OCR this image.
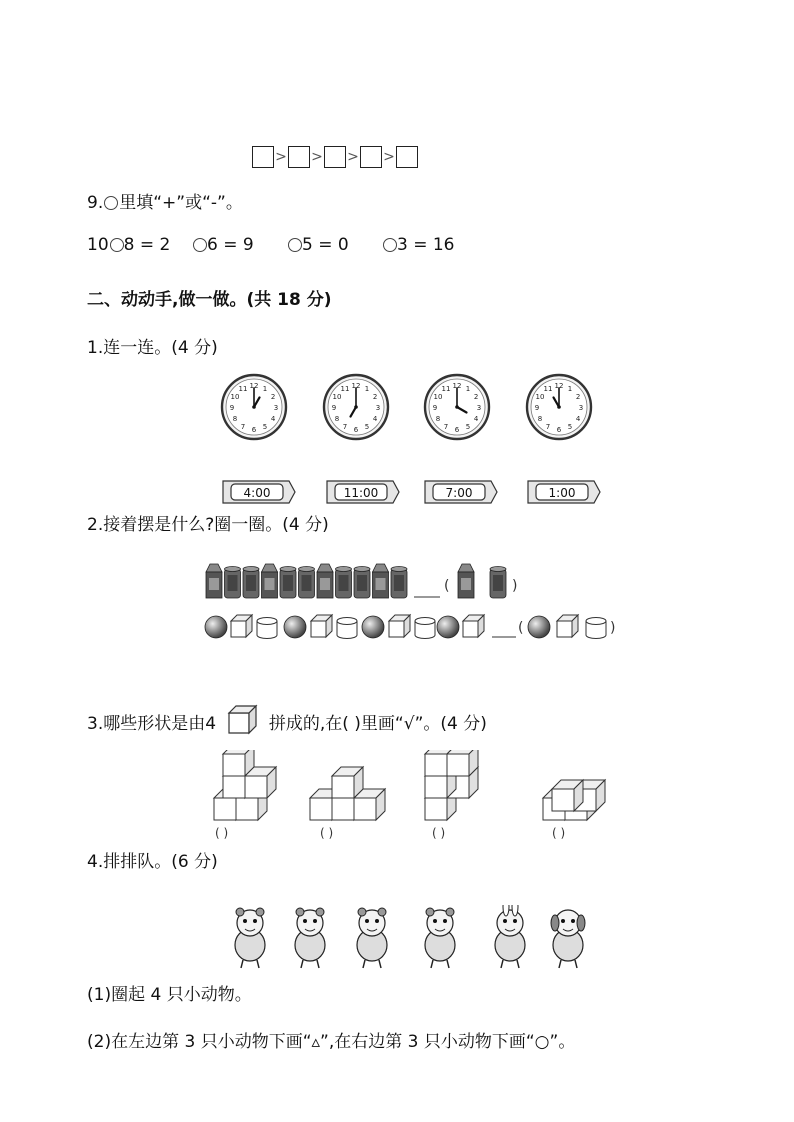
> > > >
9. 里填“+”或“-”。
10 8 = 2 6 = 9	5 = 0	3 = 16
二、动动手,做一做。(共 18 分)
1.连一连。(4 分)
1
2
3
4
5
6
7
8
9
10
11 12	1
2
3
4
5
6
7
8
9
10
11 12	1
2
3
4
5
6
7
8
9
10
11 12	1
2
3
4
5
6
7
8
9
10
11 12
4:00	11:00	7:00	1:00
2.接着摆是什么?圈一圈。(4 分)
(	)
(	)
3.哪些形状是由4	拼成的,在( )里画“√”。(4 分)
( )	( )	( )	( )
4.排排队。(6 分)
(1)圈起 4 只小动物。
(2)在左边第 3 只小动物下画“▵”,在右边第 3 只小动物下画“○”。
